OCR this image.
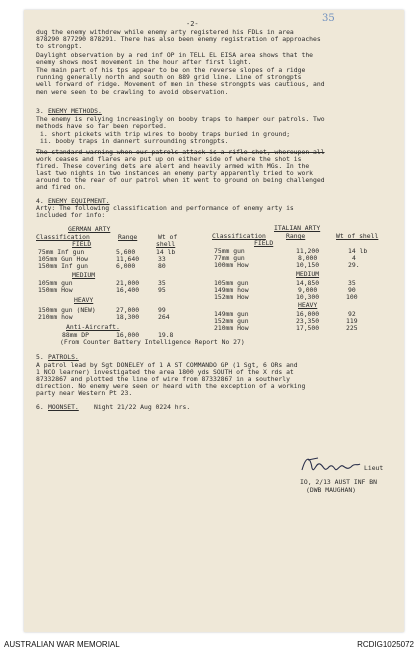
-2-	35
dug the enemy withdrew while enemy arty registered his FDLs in area
878290 877290 878291. There has also been enemy registration of approaches
to strongpt.
Daylight observation by a red inf OP in TELL EL EISA area shows that the
enemy shows most movement in the hour after first light.
The main part of his tps appear to be on the reverse slopes of a ridge
running generally north and south on 889 grid line. Line of strongpts
well forward of ridge. Movement of men in these strongpts was cautious, and
men were seen to be crawling to avoid observation.
3. ENEMY METHODS.
The enemy is relying increasingly on booby traps to hamper our patrols. Two
methods have so far been reported.
i. short pickets with trip wires to booby traps buried in ground;
ii. booby traps in dannert surrounding strongpts.
The standard warning when our patrols attack is a rifle shot, whereupon all
work ceases and flares are put up on either side of where the shot is
fired. These covering dets are alert and heavily armed with MGs. In the
last two nights in two instances an enemy party apparently tried to work
around to the rear of our patrol when it went to ground on being challenged
and fired on.
4. ENEMY EQUIPMENT.
Arty: The following classification and performance of enemy arty is
included for info:
GERMAN ARTY
Classification	Range	Wt of
shell
FIELD
75mm Inf gun	5,600	14 lb
105mm Gun How	11,640	33
150mm Inf gun	6,000	80
MEDIUM
105mm gun	21,000	35
150mm How	16,400	95
HEAVY
150mm gun (NEW)	27,000	99
210mm how	18,300	264
Anti-Aircraft.
88mm DP	16,000	19.8
(From Counter Battery Intelligence Report No 27)
ITALIAN ARTY
Classification	Range	Wt of shell
FIELD
75mm gun	11,200	14 lb
77mm gun	8,000	4
100mm How	10,150	29.
MEDIUM
105mm gun	14,850	35
149mm how	9,000	90
152mm How	10,300	100
HEAVY
149mm gun	16,000	92
152mm gun	23,350	119
210mm How	17,500	225
5. PATROLS.
A patrol lead by Sgt DONELEY of 1 A ST COMMANDO GP (1 Sgt, 6 ORs and
1 NCO learner) investigated the area 1800 yds SOUTH of the X rds at
87332867 and plotted the line of wire from 87332867 in a southerly
direction. No enemy were seen or heard with the exception of a working
party near Western Pt 23.
6. MOONSET. Night 21/22 Aug 0224 hrs.
Lieut
IO, 2/13 AUST INF BN
(DWB MAUGHAN)
AUSTRALIAN WAR MEMORIAL	RCDIG1025072
